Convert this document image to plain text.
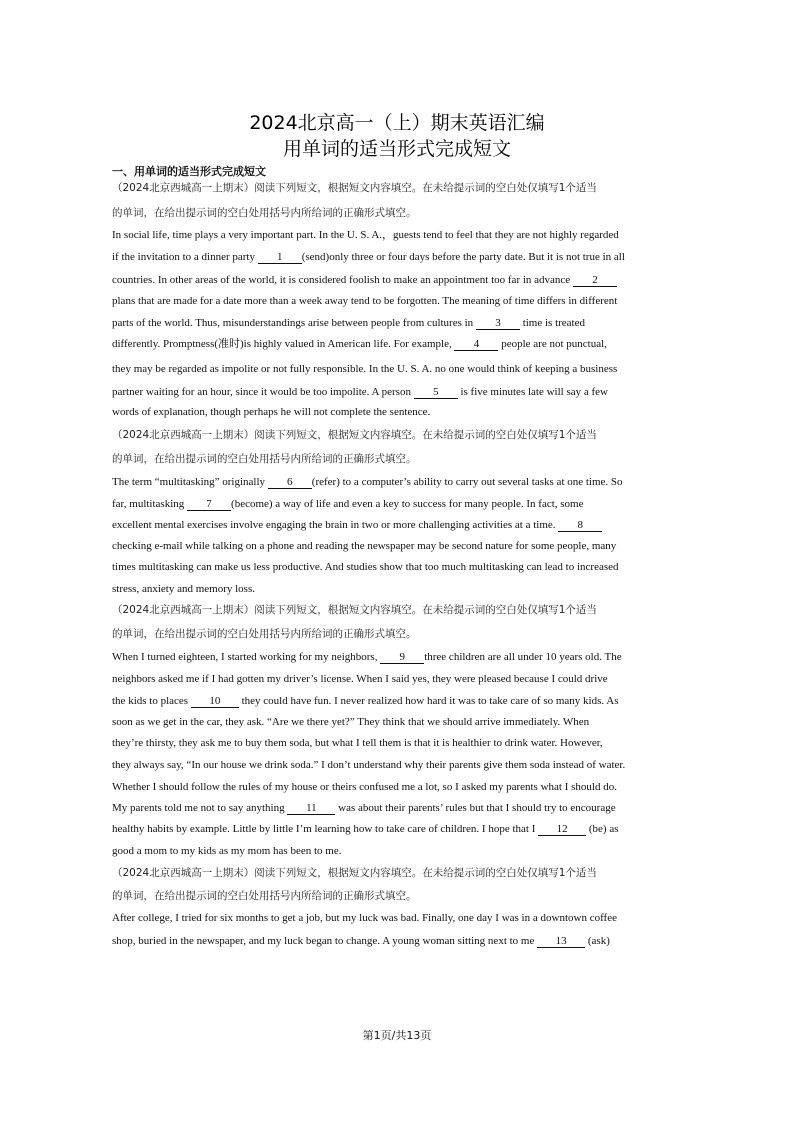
2024北京高一（上）期末英语汇编
用单词的适当形式完成短文
一、用单词的适当形式完成短文
（2024北京西城高一上期末）阅读下列短文，根据短文内容填空。在未给提示词的空白处仅填写1个适当
的单词，在给出提示词的空白处用括号内所给词的正确形式填空。
In social life, time plays a very important part. In the U. S. A.，guests tend to feel that they are not highly regarded
if the invitation to a dinner party 1 (send)only three or four days before the party date. But it is not true in all
countries. In other areas of the world, it is considered foolish to make an appointment too far in advance 2
plans that are made for a date more than a week away tend to be forgotten. The meaning of time differs in different
parts of the world. Thus, misunderstandings arise between people from cultures in 3 time is treated
differently. Promptness(准时)is highly valued in American life. For example, 4 people are not punctual,
they may be regarded as impolite or not fully responsible. In the U. S. A. no one would think of keeping a business
partner waiting for an hour, since it would be too impolite. A person 5 is five minutes late will say a few
words of explanation, though perhaps he will not complete the sentence.
（2024北京西城高一上期末）阅读下列短文，根据短文内容填空。在未给提示词的空白处仅填写1个适当
的单词，在给出提示词的空白处用括号内所给词的正确形式填空。
The term “multitasking” originally 6 (refer) to a computer’s ability to carry out several tasks at one time. So
far, multitasking 7 (become) a way of life and even a key to success for many people. In fact, some
excellent mental exercises involve engaging the brain in two or more challenging activities at a time. 8
checking e-mail while talking on a phone and reading the newspaper may be second nature for some people, many
times multitasking can make us less productive. And studies show that too much multitasking can lead to increased
stress, anxiety and memory loss.
（2024北京西城高一上期末）阅读下列短文，根据短文内容填空。在未给提示词的空白处仅填写1个适当
的单词，在给出提示词的空白处用括号内所给词的正确形式填空。
When I turned eighteen, I started working for my neighbors, 9 three children are all under 10 years old. The
neighbors asked me if I had gotten my driver’s license. When I said yes, they were pleased because I could drive
the kids to places 10 they could have fun. I never realized how hard it was to take care of so many kids. As
soon as we get in the car, they ask. “Are we there yet?” They think that we should arrive immediately. When
they’re thirsty, they ask me to buy them soda, but what I tell them is that it is healthier to drink water. However,
they always say, “In our house we drink soda.” I don’t understand why their parents give them soda instead of water.
Whether I should follow the rules of my house or theirs confused me a lot, so I asked my parents what I should do.
My parents told me not to say anything 11 was about their parents’ rules but that I should try to encourage
healthy habits by example. Little by little I’m learning how to take care of children. I hope that I 12 (be) as
good a mom to my kids as my mom has been to me.
（2024北京西城高一上期末）阅读下列短文，根据短文内容填空。在未给提示词的空白处仅填写1个适当
的单词，在给出提示词的空白处用括号内所给词的正确形式填空。
After college, I tried for six months to get a job, but my luck was bad. Finally, one day I was in a downtown coffee
shop, buried in the newspaper, and my luck began to change. A young woman sitting next to me 13 (ask)
第1页/共13页
